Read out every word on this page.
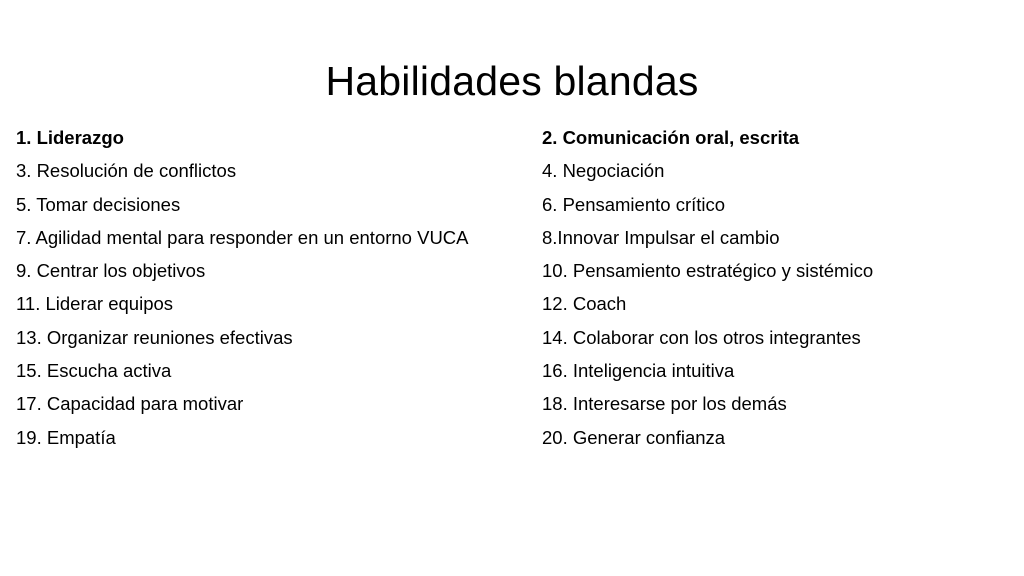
Habilidades blandas
1. Liderazgo
3. Resolución de conflictos
5. Tomar decisiones
7. Agilidad mental para responder en un entorno VUCA
9. Centrar los objetivos
11. Liderar equipos
13. Organizar reuniones efectivas
15. Escucha activa
17. Capacidad para motivar
19. Empatía
2. Comunicación oral, escrita
4. Negociación
6. Pensamiento crítico
8.Innovar Impulsar el cambio
10. Pensamiento estratégico y sistémico
12. Coach
14. Colaborar con los otros integrantes
16. Inteligencia intuitiva
18. Interesarse por los demás
20. Generar confianza
